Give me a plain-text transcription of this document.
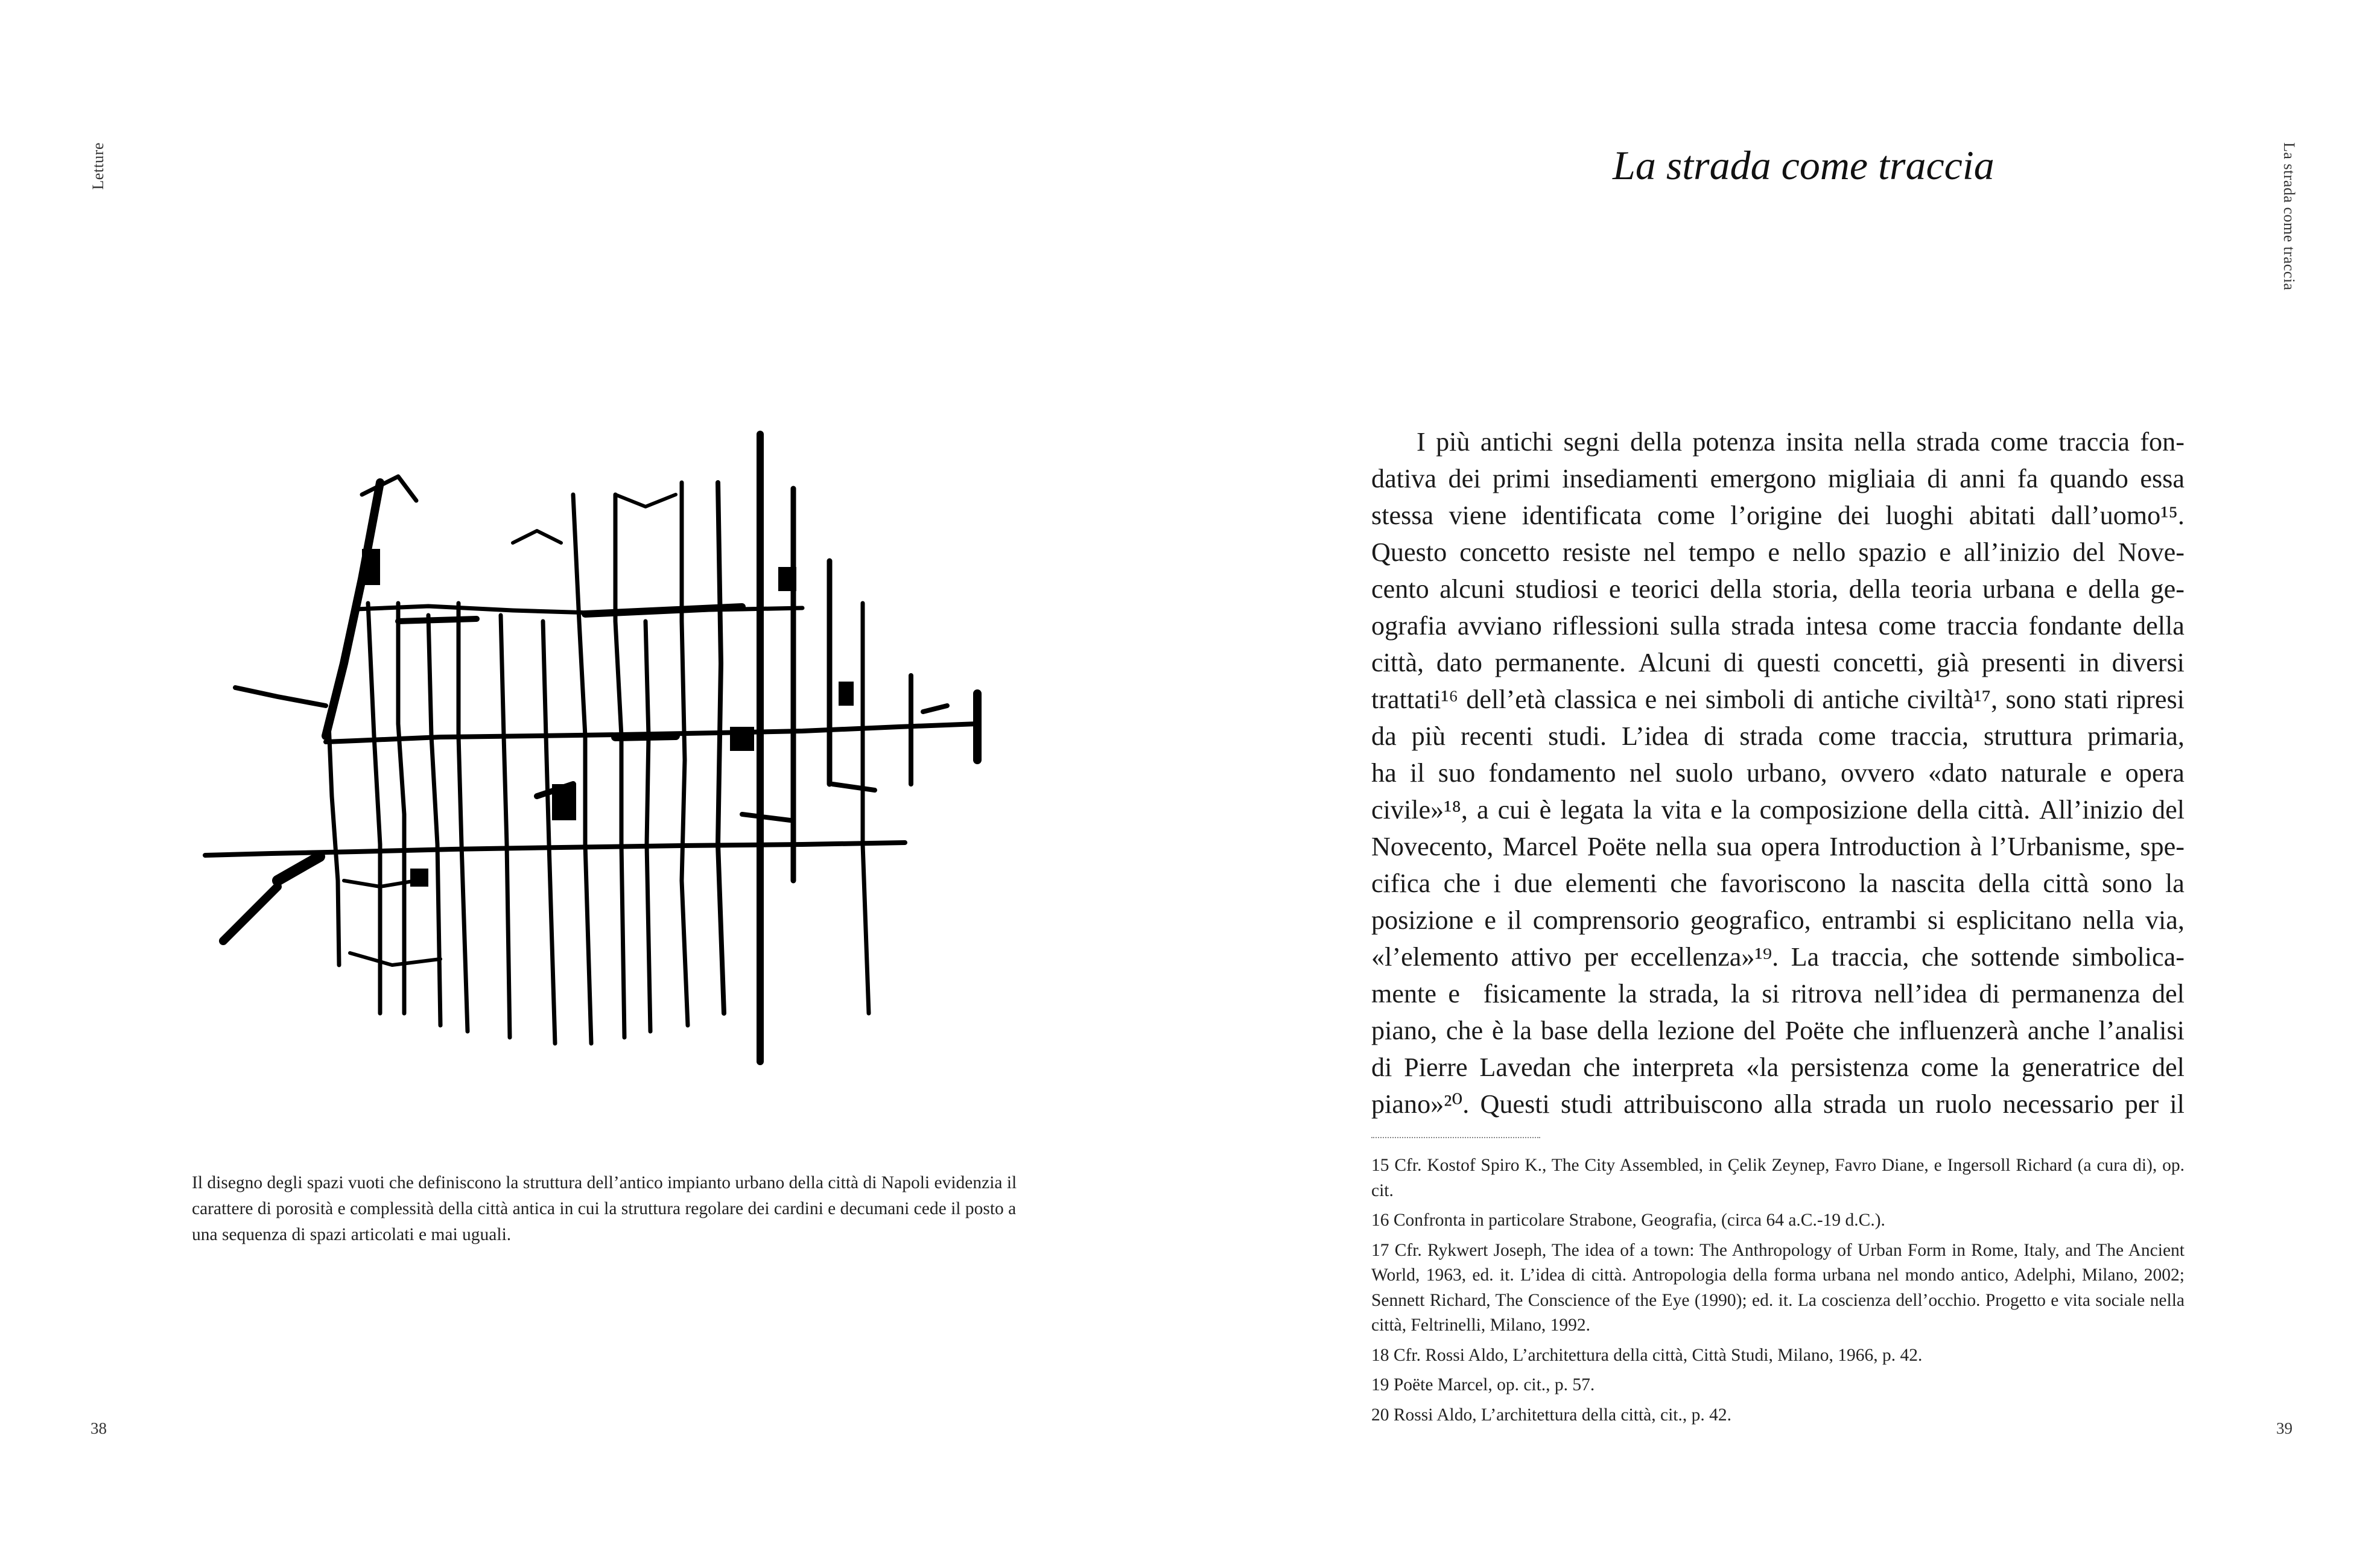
Letture
Il disegno degli spazi vuoti che definiscono la struttura dell’antico impianto urbano della città di Napoli evidenzia il carattere di porosità e complessità della città antica in cui la struttura regolare dei cardini e decumani cede il posto a una sequenza di spazi articolati e mai uguali.
38
La strada come traccia
La strada come traccia
I più antichi segni della potenza insita nella strada come traccia fon-
dativa dei primi insediamenti emergono migliaia di anni fa quando essa
stessa viene identificata come l’origine dei luoghi abitati dall’uomo¹⁵.
Questo concetto resiste nel tempo e nello spazio e all’inizio del Nove-
cento alcuni studiosi e teorici della storia, della teoria urbana e della ge-
ografia avviano riflessioni sulla strada intesa come traccia fondante della
città, dato permanente. Alcuni di questi concetti, già presenti in diversi
trattati¹⁶ dell’età classica e nei simboli di antiche civiltà¹⁷, sono stati ripresi
da più recenti studi. L’idea di strada come traccia, struttura primaria,
ha il suo fondamento nel suolo urbano, ovvero «dato naturale e opera
civile»¹⁸, a cui è legata la vita e la composizione della città. All’inizio del
Novecento, Marcel Poëte nella sua opera Introduction à l’Urbanisme, spe-
cifica che i due elementi che favoriscono la nascita della città sono la
posizione e il comprensorio geografico, entrambi si esplicitano nella via,
«l’elemento attivo per eccellenza»¹⁹. La traccia, che sottende simbolica-
mente e fisicamente la strada, la si ritrova nell’idea di permanenza del
piano, che è la base della lezione del Poëte che influenzerà anche l’analisi
di Pierre Lavedan che interpreta «la persistenza come la generatrice del
piano»²⁰. Questi studi attribuiscono alla strada un ruolo necessario per il
15 Cfr. Kostof Spiro K., The City Assembled, in Çelik Zeynep, Favro Diane, e Ingersoll Richard (a cura di), op. cit.
16 Confronta in particolare Strabone, Geografia, (circa 64 a.C.-19 d.C.).
17 Cfr. Rykwert Joseph, The idea of a town: The Anthropology of Urban Form in Rome, Italy, and The Ancient World, 1963, ed. it. L’idea di città. Antropologia della forma urbana nel mondo antico, Adelphi, Milano, 2002; Sennett Richard, The Conscience of the Eye (1990); ed. it. La coscienza dell’occhio. Progetto e vita sociale nella città, Feltrinelli, Milano, 1992.
18 Cfr. Rossi Aldo, L’architettura della città, Città Studi, Milano, 1966, p. 42.
19 Poëte Marcel, op. cit., p. 57.
20 Rossi Aldo, L’architettura della città, cit., p. 42.
39
